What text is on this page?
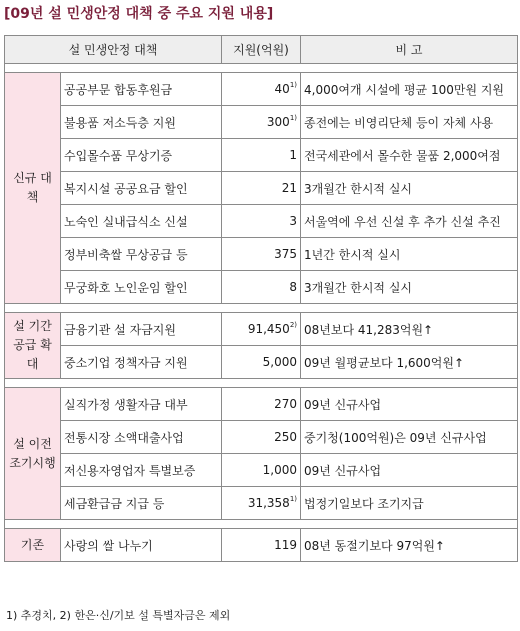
[09년 설 민생안정 대책 중 주요 지원 내용]
설 민생안정 대책		지원(억원)	비 고

신규 대책	공공부문 합동후원금	40$^{1)}$	4,000여개 시설에 평균 100만원 지원
	불용품 저소득층 지원	300$^{1)}$	종전에는 비영리단체 등이 자체 사용
	수입몰수품 무상기증	1	전국세관에서 몰수한 물품 2,000여점
	복지시설 공공요금 할인	21	3개월간 한시적 실시
	노숙인 실내급식소 신설	3	서울역에 우선 신설 후 추가 신설 추진
	정부비축쌀 무상공급 등	375	1년간 한시적 실시
	무궁화호 노인운임 할인	8	3개월간 한시적 실시

설 기간 공급 확대	금융기관 설 자금지원	91,450$^{2)}$	08년보다 41,283억원↑
	중소기업 정책자금 지원	5,000	09년 월평균보다 1,600억원↑

설 이전 조기시행	실직가정 생활자금 대부	270	09년 신규사업
	전통시장 소액대출사업	250	중기청(100억원)은 09년 신규사업
	저신용자영업자 특별보증	1,000	09년 신규사업
	세금환급금 지급 등	31,358$^{1)}$	법정기일보다 조기지급

기존	사랑의 쌀 나누기	119	08년 동절기보다 97억원↑
1) 추경치, 2) 한은·신/기보 설 특별자금은 제외
